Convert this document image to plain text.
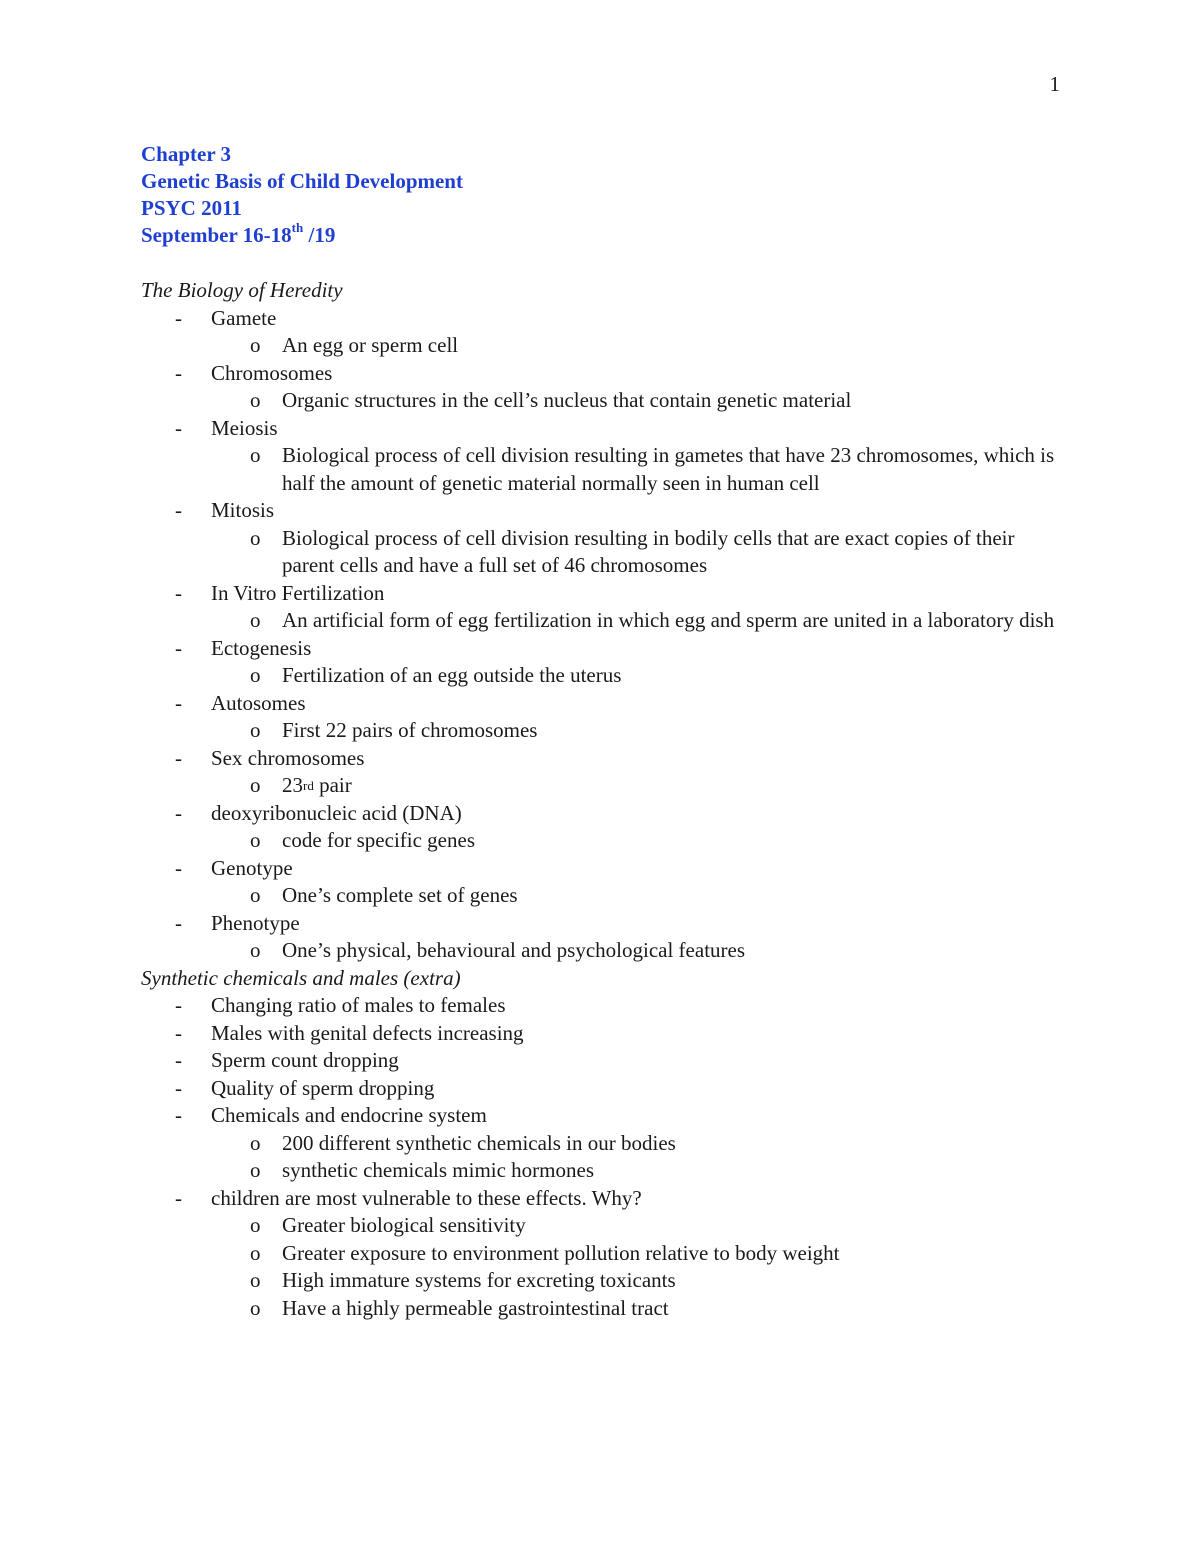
1
Chapter 3
Genetic Basis of Child Development
PSYC 2011
September 16-18th /19
The Biology of Heredity
- Gamete
o An egg or sperm cell
- Chromosomes
o Organic structures in the cell’s nucleus that contain genetic material
- Meiosis
o Biological process of cell division resulting in gametes that have 23 chromosomes, which is half the amount of genetic material normally seen in human cell
- Mitosis
o Biological process of cell division resulting in bodily cells that are exact copies of their parent cells and have a full set of 46 chromosomes
- In Vitro Fertilization
o An artificial form of egg fertilization in which egg and sperm are united in a laboratory dish
- Ectogenesis
o Fertilization of an egg outside the uterus
- Autosomes
o First 22 pairs of chromosomes
- Sex chromosomes
o 23rd pair
- deoxyribonucleic acid (DNA)
o code for specific genes
- Genotype
o One’s complete set of genes
- Phenotype
o One’s physical, behavioural and psychological features
Synthetic chemicals and males (extra)
- Changing ratio of males to females
- Males with genital defects increasing
- Sperm count dropping
- Quality of sperm dropping
- Chemicals and endocrine system
o 200 different synthetic chemicals in our bodies
o synthetic chemicals mimic hormones
- children are most vulnerable to these effects. Why?
o Greater biological sensitivity
o Greater exposure to environment pollution relative to body weight
o High immature systems for excreting toxicants
o Have a highly permeable gastrointestinal tract
